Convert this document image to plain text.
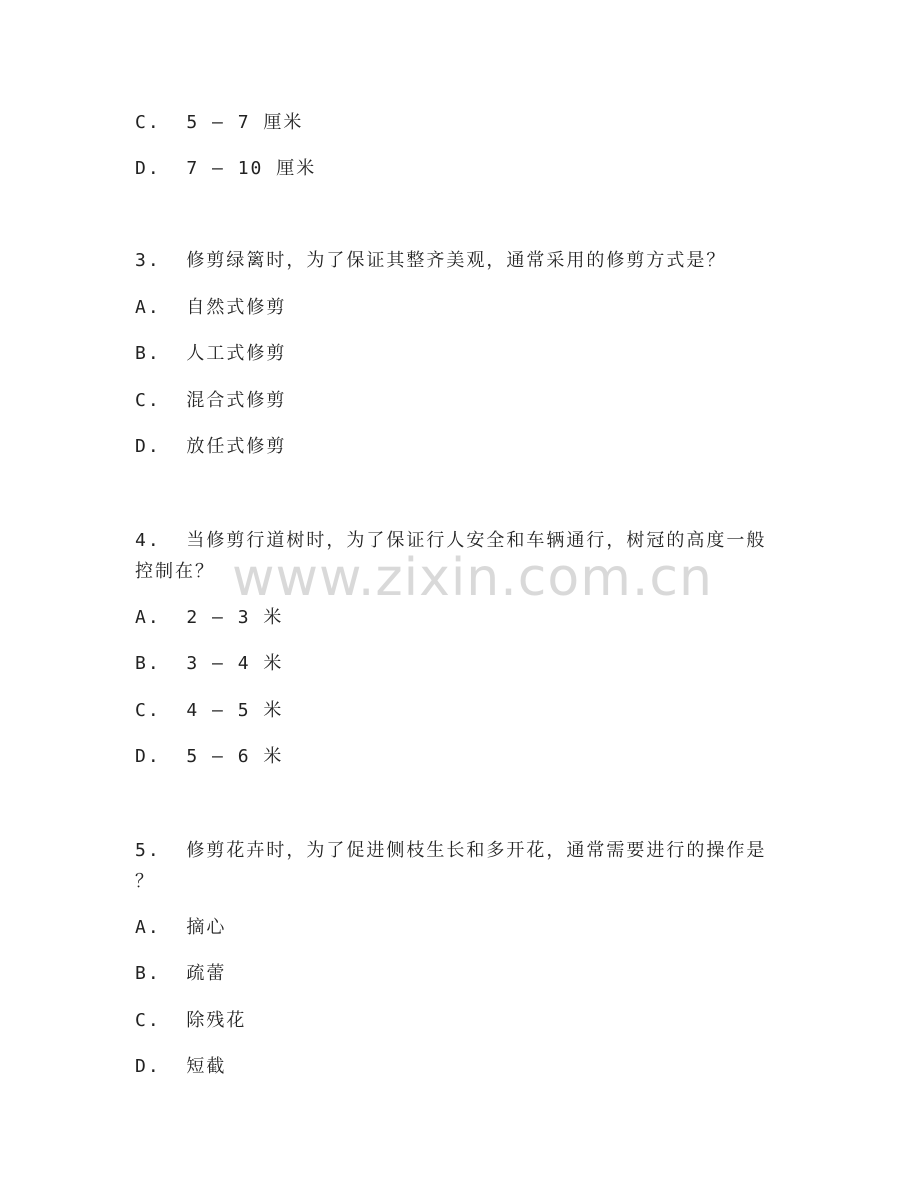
C.  5 – 7 厘米
D.  7 – 10 厘米
3.  修剪绿篱时，为了保证其整齐美观，通常采用的修剪方式是？
A.  自然式修剪
B.  人工式修剪
C.  混合式修剪
D.  放任式修剪
4.  当修剪行道树时，为了保证行人安全和车辆通行，树冠的高度一般
控制在？
A.  2 – 3 米
B.  3 – 4 米
C.  4 – 5 米
D.  5 – 6 米
5.  修剪花卉时，为了促进侧枝生长和多开花，通常需要进行的操作是
？
A.  摘心
B.  疏蕾
C.  除残花
D.  短截
www.zixin.com.cn
